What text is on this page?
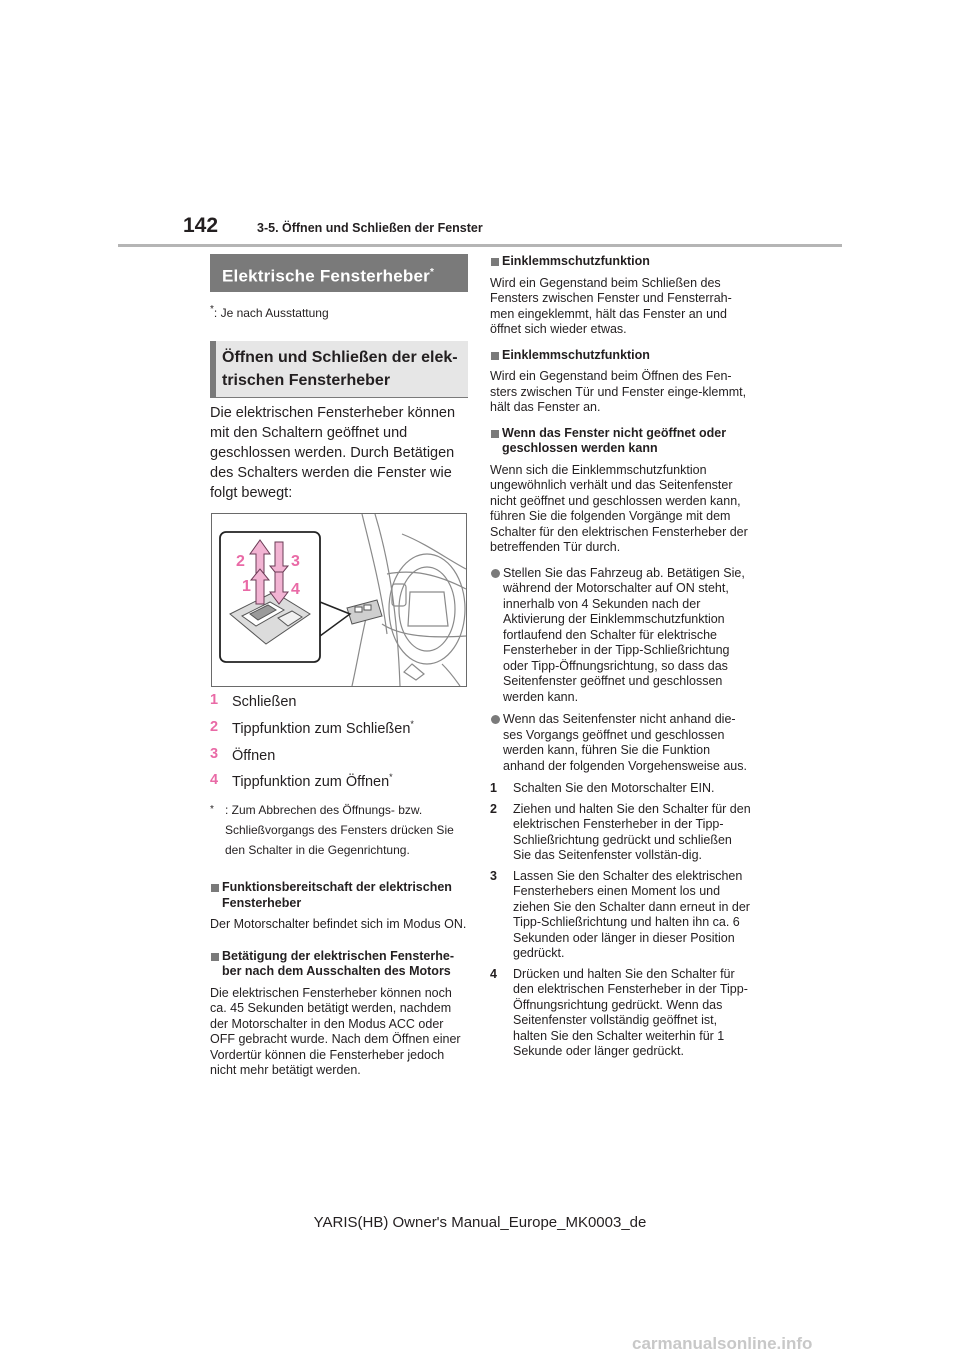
142	3-5. Öffnen und Schließen der Fenster
Elektrische Fensterheber*
*: Je nach Ausstattung
Öffnen und Schließen der elek-trischen Fensterheber
Die elektrischen Fensterheber können mit den Schaltern geöffnet und geschlossen werden. Durch Betätigen des Schalters werden die Fenster wie folgt bewegt:
2	3
1	4
1 Schließen
2 Tippfunktion zum Schließen*
3 Öffnen
4 Tippfunktion zum Öffnen*
* : Zum Abbrechen des Öffnungs- bzw. Schließvorgangs des Fensters drücken Sie den Schalter in die Gegenrichtung.
Funktionsbereitschaft der elektrischen Fensterheber
Der Motorschalter befindet sich im Modus ON.
Betätigung der elektrischen Fensterhe-ber nach dem Ausschalten des Motors
Die elektrischen Fensterheber können noch ca. 45 Sekunden betätigt werden, nachdem der Motorschalter in den Modus ACC oder OFF gebracht wurde. Nach dem Öffnen einer Vordertür können die Fensterheber jedoch nicht mehr betätigt werden.
Einklemmschutzfunktion
Wird ein Gegenstand beim Schließen des Fensters zwischen Fenster und Fensterrah-men eingeklemmt, hält das Fenster an und öffnet sich wieder etwas.
Einklemmschutzfunktion
Wird ein Gegenstand beim Öffnen des Fen-sters zwischen Tür und Fenster einge-klemmt, hält das Fenster an.
Wenn das Fenster nicht geöffnet oder geschlossen werden kann
Wenn sich die Einklemmschutzfunktion ungewöhnlich verhält und das Seitenfenster nicht geöffnet und geschlossen werden kann, führen Sie die folgenden Vorgänge mit dem Schalter für den elektrischen Fensterheber der betreffenden Tür durch.
Stellen Sie das Fahrzeug ab. Betätigen Sie, während der Motorschalter auf ON steht, innerhalb von 4 Sekunden nach der Aktivierung der Einklemmschutzfunktion fortlaufend den Schalter für elektrische Fensterheber in der Tipp-Schließrichtung oder Tipp-Öffnungsrichtung, so dass das Seitenfenster geöffnet und geschlossen werden kann.
Wenn das Seitenfenster nicht anhand die-ses Vorgangs geöffnet und geschlossen werden kann, führen Sie die Funktion anhand der folgenden Vorgehensweise aus.
1 Schalten Sie den Motorschalter EIN.
2 Ziehen und halten Sie den Schalter für den elektrischen Fensterheber in der Tipp-Schließrichtung gedrückt und schließen Sie das Seitenfenster vollstän-dig.
3 Lassen Sie den Schalter des elektrischen Fensterhebers einen Moment los und ziehen Sie den Schalter dann erneut in der Tipp-Schließrichtung und halten ihn ca. 6 Sekunden oder länger in dieser Position gedrückt.
4 Drücken und halten Sie den Schalter für den elektrischen Fensterheber in der Tipp-Öffnungsrichtung gedrückt. Wenn das Seitenfenster vollständig geöffnet ist, halten Sie den Schalter weiterhin für 1 Sekunde oder länger gedrückt.
YARIS(HB) Owner's Manual_Europe_MK0003_de
carmanualsonline.info
